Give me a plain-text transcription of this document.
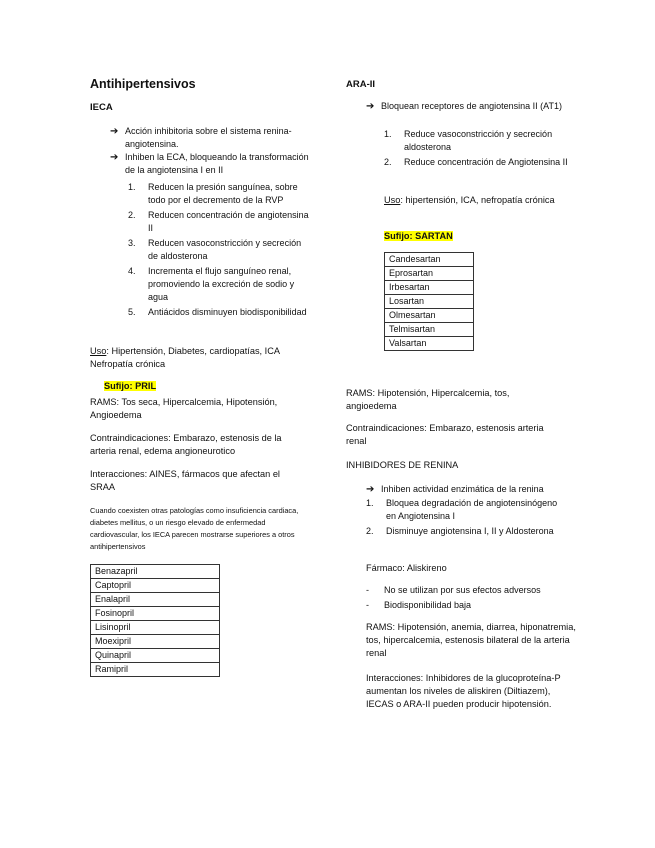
Antihipertensivos
IECA
➔ Acción inhibitoria sobre el sistema renina-angiotensina.
➔ Inhiben la ECA, bloqueando la transformación de la angiotensina I en II
1. Reducen la presión sanguínea, sobre todo por el decremento de la RVP
2. Reducen concentración de angiotensina II
3. Reducen vasoconstricción y secreción de aldosterona
4. Incrementa el flujo sanguíneo renal, promoviendo la excreción de sodio y agua
5. Antiácidos disminuyen biodisponibilidad
Uso: Hipertensión, Diabetes, cardiopatías, ICA Nefropatía crónica
Sufijo: PRIL
RAMS: Tos seca, Hipercalcemia, Hipotensión, Angioedema
Contraindicaciones: Embarazo, estenosis de la arteria renal, edema angioneurotico
Interacciones: AINES, fármacos que afectan el SRAA
Cuando coexisten otras patologías como insuficiencia cardiaca, diabetes mellitus, o un riesgo elevado de enfermedad cardiovascular, los IECA parecen mostrarse superiores a otros antihipertensivos
Benazapril
Captopril
Enalapril
Fosinopril
Lisinopril
Moexipril
Quinapril
Ramipril
ARA-II
➔ Bloquean receptores de angiotensina II (AT1)
1. Reduce vasoconstricción y secreción aldosterona
2. Reduce concentración de Angiotensina II
Uso: hipertensión, ICA, nefropatía crónica
Sufijo: SARTAN
Candesartan
Eprosartan
Irbesartan
Losartan
Olmesartan
Telmisartan
Valsartan
RAMS: Hipotensión, Hipercalcemia, tos, angioedema
Contraindicaciones: Embarazo, estenosis arteria renal
INHIBIDORES DE RENINA
➔ Inhiben actividad enzimática de la renina
1. Bloquea degradación de angiotensinógeno en Angiotensina I
2. Disminuye angiotensina I, II y Aldosterona
Fármaco: Aliskireno
- No se utilizan por sus efectos adversos
- Biodisponibilidad baja
RAMS: Hipotensión, anemia, diarrea, hiponatremia, tos, hipercalcemia, estenosis bilateral de la arteria renal
Interacciones: Inhibidores de la glucoproteína-P aumentan los niveles de aliskiren (Diltiazem), IECAS o ARA-II pueden producir hipotensión.
